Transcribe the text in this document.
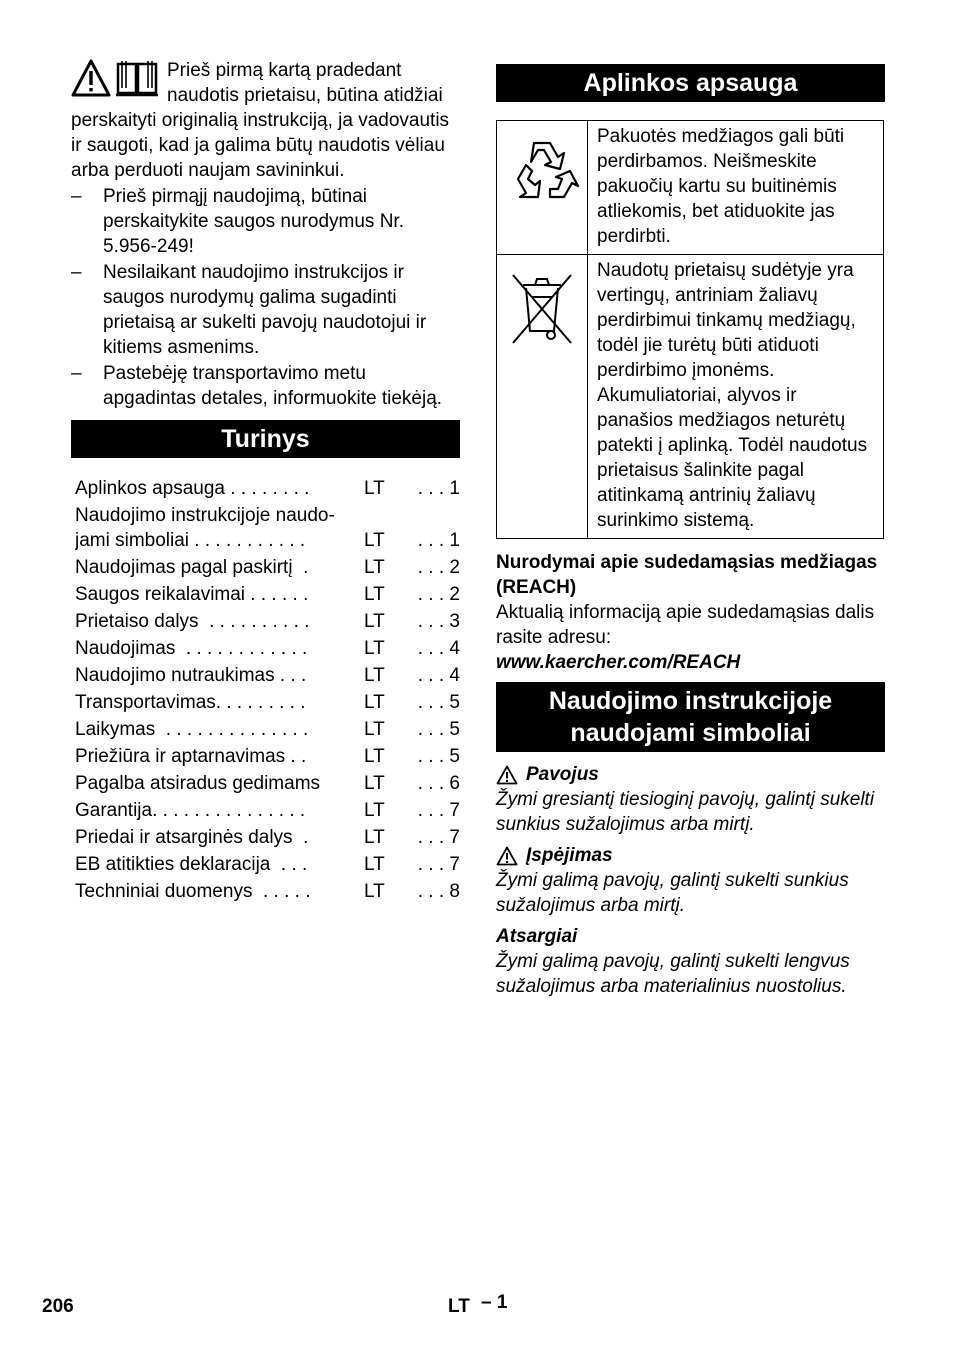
Prieš pirmą kartą pradedant naudotis prietaisu, būtina atidžiai perskaityti originalią instrukciją, ja vadovautis ir saugoti, kad ja galima būtų naudotis vėliau arba perduoti naujam savininkui.

– Prieš pirmąjį naudojimą, būtinai perskaitykite saugos nurodymus Nr. 5.956-249!
– Nesilaikant naudojimo instrukcijos ir saugos nurodymų galima sugadinti prietaisą ar sukelti pavojų naudotojui ir kitiems asmenims.
– Pastebėję transportavimo metu apgadintas detales, informuokite tiekėją.
Turinys
Aplinkos apsauga . . . . . . . .	LT	. . . 1
Naudojimo instrukcijoje naudo-
jami simboliai . . . . . . . . . . .	LT	. . . 1
Naudojimas pagal paskirtį  .	LT	. . . 2
Saugos reikalavimai . . . . . .	LT	. . . 2
Prietaiso dalys  . . . . . . . . . .	LT	. . . 3
Naudojimas  . . . . . . . . . . . .	LT	. . . 4
Naudojimo nutraukimas . . .	LT	. . . 4
Transportavimas. . . . . . . . .	LT	. . . 5
Laikymas  . . . . . . . . . . . . . .	LT	. . . 5
Priežiūra ir aptarnavimas . .	LT	. . . 5
Pagalba atsiradus gedimams	LT	. . . 6
Garantija. . . . . . . . . . . . . . .	LT	. . . 7
Priedai ir atsarginės dalys  .	LT	. . . 7
EB atitikties deklaracija  . . .	LT	. . . 7
Techniniai duomenys  . . . . .	LT	. . . 8
Aplinkos apsauga
	Pakuotės medžiagos gali būti perdirbamos. Neišmeskite pakuočių kartu su buitinėmis atliekomis, bet atiduokite jas perdirbti.
	Naudotų prietaisų sudėtyje yra vertingų, antriniam žaliavų perdirbimui tinkamų medžiagų, todėl jie turėtų būti atiduoti perdirbimo įmonėms. Akumuliatoriai, alyvos ir panašios medžiagos neturėtų patekti į aplinką. Todėl naudotus prietaisus šalinkite pagal atitinkamą antrinių žaliavų surinkimo sistemą.

Nurodymai apie sudedamąsias medžiagas (REACH)

Aktualią informaciją apie sudedamąsias dalis rasite adresu:

www.kaercher.com/REACH

Naudojimo instrukcijoje naudojami simboliai
Pavojus

Žymi gresiantį tiesioginį pavojų, galintį sukelti sunkius sužalojimus arba mirtį.

Įspėjimas

Žymi galimą pavojų, galintį sukelti sunkius sužalojimus arba mirtį.

Atsargiai

Žymi galimą pavojų, galintį sukelti lengvus sužalojimus arba materialinius nuostolius.

206	LT – 1
